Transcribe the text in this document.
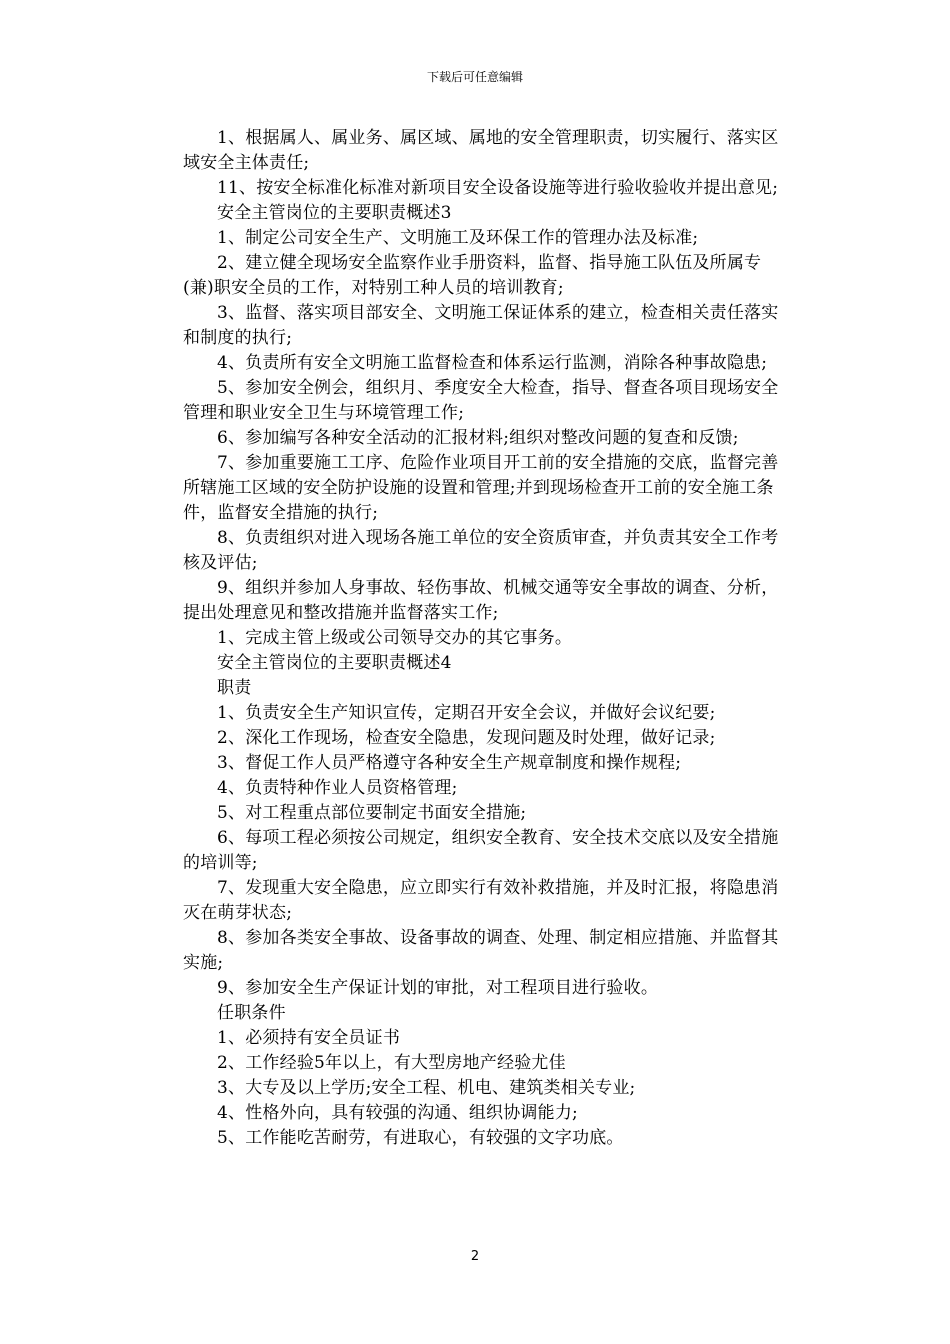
下载后可任意编辑

1、根据属人、属业务、属区域、属地的安全管理职责，切实履行、落实区域安全主体责任;

11、按安全标准化标准对新项目安全设备设施等进行验收验收并提出意见;

安全主管岗位的主要职责概述3

1、制定公司安全生产、文明施工及环保工作的管理办法及标准;

2、建立健全现场安全监察作业手册资料，监督、指导施工队伍及所属专(兼)职安全员的工作，对特别工种人员的培训教育;

3、监督、落实项目部安全、文明施工保证体系的建立，检查相关责任落实和制度的执行;

4、负责所有安全文明施工监督检查和体系运行监测，消除各种事故隐患;

5、参加安全例会，组织月、季度安全大检查，指导、督查各项目现场安全管理和职业安全卫生与环境管理工作;

6、参加编写各种安全活动的汇报材料;组织对整改问题的复查和反馈;

7、参加重要施工工序、危险作业项目开工前的安全措施的交底，监督完善所辖施工区域的安全防护设施的设置和管理;并到现场检查开工前的安全施工条件，监督安全措施的执行;

8、负责组织对进入现场各施工单位的安全资质审查，并负责其安全工作考核及评估;

9、组织并参加人身事故、轻伤事故、机械交通等安全事故的调查、分析，提出处理意见和整改措施并监督落实工作;

1、完成主管上级或公司领导交办的其它事务。

安全主管岗位的主要职责概述4

职责

1、负责安全生产知识宣传，定期召开安全会议，并做好会议纪要;

2、深化工作现场，检查安全隐患，发现问题及时处理，做好记录;

3、督促工作人员严格遵守各种安全生产规章制度和操作规程;

4、负责特种作业人员资格管理;

5、对工程重点部位要制定书面安全措施;

6、每项工程必须按公司规定，组织安全教育、安全技术交底以及安全措施的培训等;

7、发现重大安全隐患，应立即实行有效补救措施，并及时汇报，将隐患消灭在萌芽状态;

8、参加各类安全事故、设备事故的调查、处理、制定相应措施、并监督其实施;

9、参加安全生产保证计划的审批，对工程项目进行验收。

任职条件

1、必须持有安全员证书

2、工作经验5年以上，有大型房地产经验尤佳

3、大专及以上学历;安全工程、机电、建筑类相关专业;

4、性格外向，具有较强的沟通、组织协调能力;

5、工作能吃苦耐劳，有进取心，有较强的文字功底。

2
